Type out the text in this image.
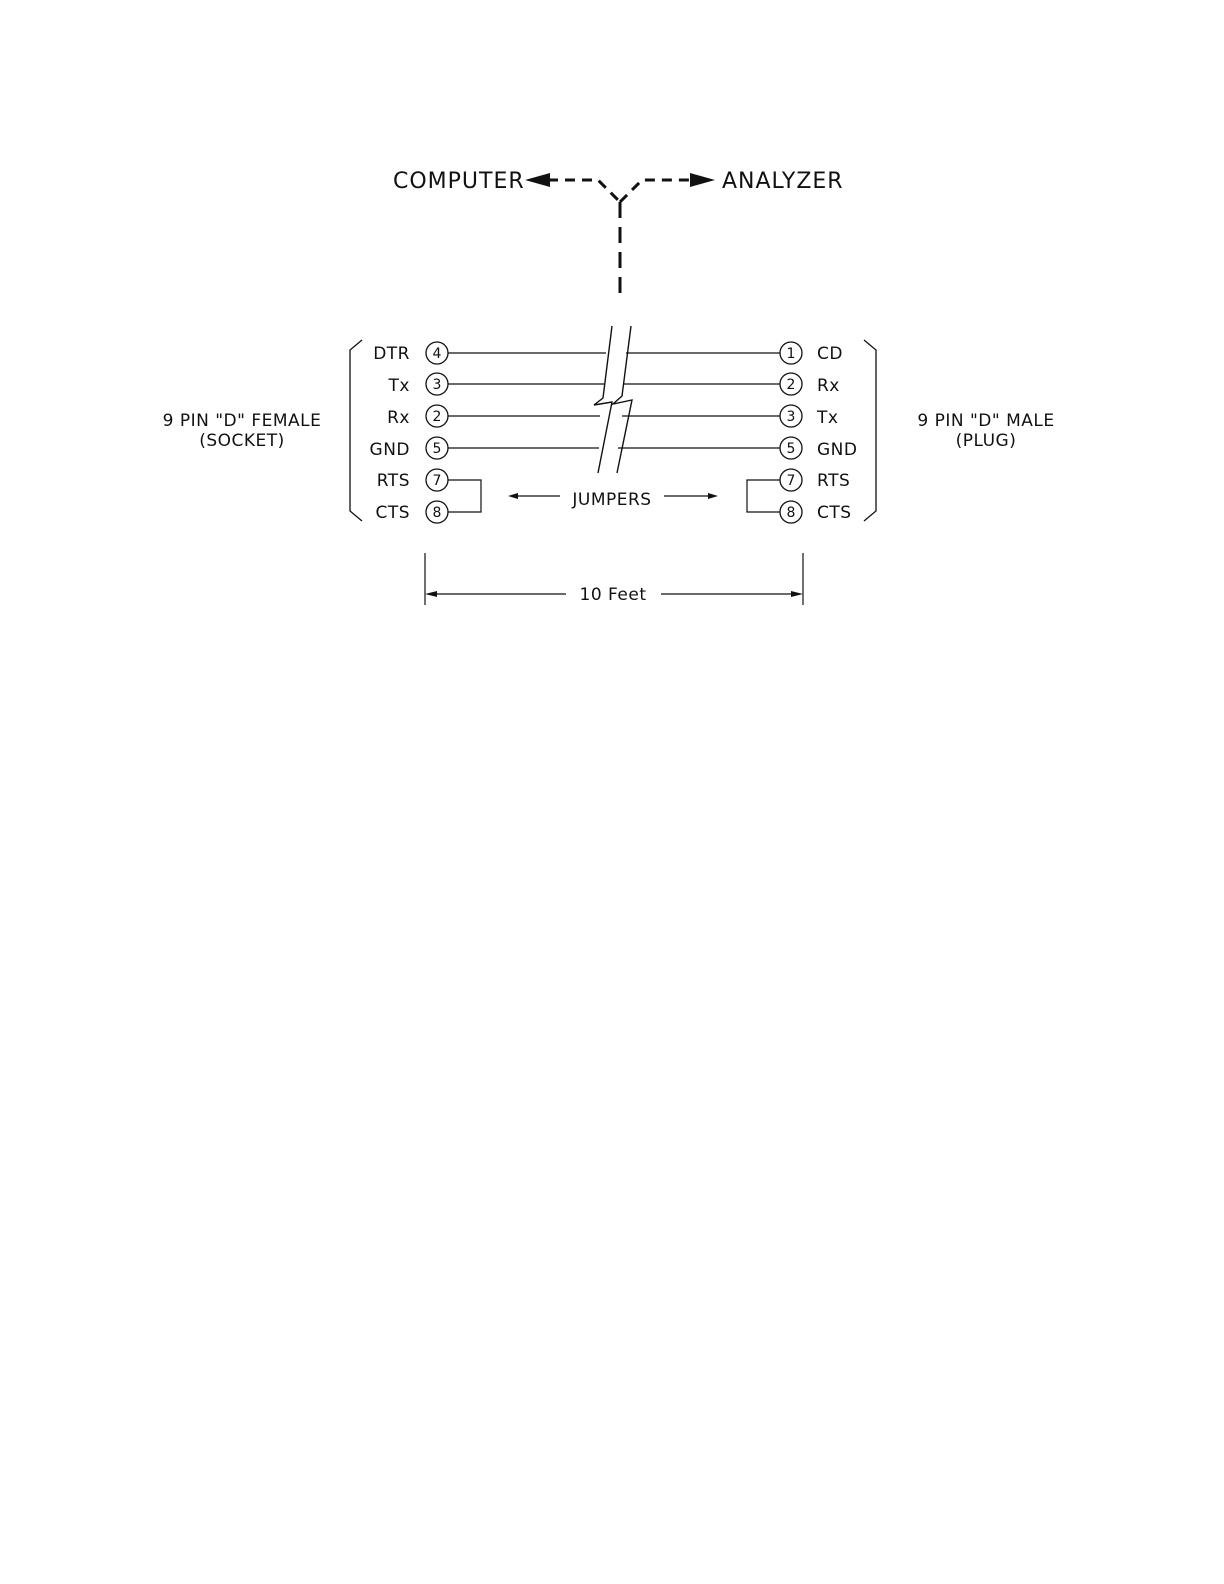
COMPUTER	ANALYZER
9 PIN "D" FEMALE
(SOCKET)
9 PIN "D" MALE
(PLUG)
DTR 4
Tx 3
Rx 2
GND 5
RTS 7
CTS 8
1 CD
2 Rx
3 Tx
5 GND
7 RTS
8 CTS
JUMPERS
10 Feet
